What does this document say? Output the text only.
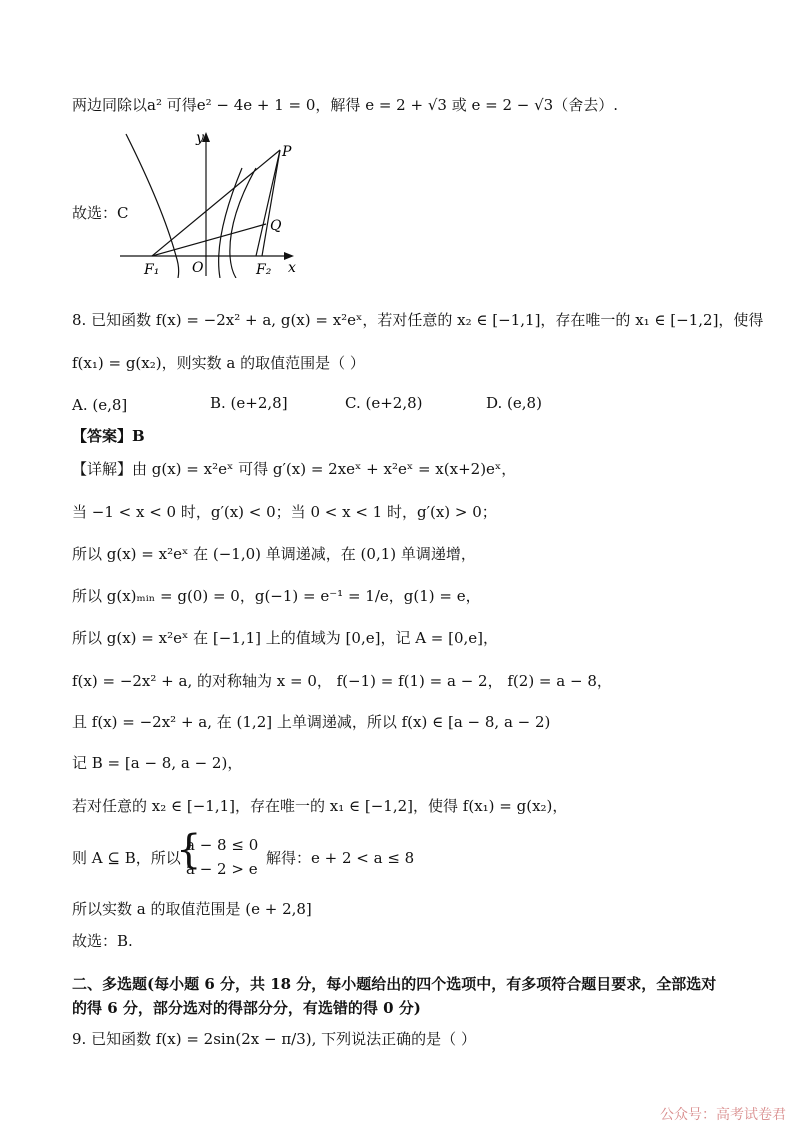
两边同除以a² 可得e² − 4e + 1 = 0，解得 e = 2 + √3 或 e = 2 − √3（舍去）.
y
P
Q
F₁ O	F₂ x
故选：C
8. 已知函数 f(x) = −2x² + a, g(x) = x²eˣ，若对任意的 x₂ ∈ [−1,1]，存在唯一的 x₁ ∈ [−1,2]，使得
f(x₁) = g(x₂)，则实数 a 的取值范围是（ ）
A. (e,8]	B. (e+2,8]	C. (e+2,8)	D. (e,8)
【答案】B
【详解】由 g(x) = x²eˣ 可得 g′(x) = 2xeˣ + x²eˣ = x(x+2)eˣ，
当 −1 < x < 0 时，g′(x) < 0；当 0 < x < 1 时，g′(x) > 0；
所以 g(x) = x²eˣ 在 (−1,0) 单调递减，在 (0,1) 单调递增，
所以 g(x)ₘᵢₙ = g(0) = 0，g(−1) = e⁻¹ = 1/e，g(1) = e，
所以 g(x) = x²eˣ 在 [−1,1] 上的值域为 [0,e]，记 A = [0,e]，
f(x) = −2x² + a, 的对称轴为 x = 0， f(−1) = f(1) = a − 2， f(2) = a − 8，
且 f(x) = −2x² + a, 在 (1,2] 上单调递减，所以 f(x) ∈ [a − 8, a − 2)
记 B = [a − 8, a − 2)，
若对任意的 x₂ ∈ [−1,1]，存在唯一的 x₁ ∈ [−1,2]，使得 f(x₁) = g(x₂)，
则 A ⊆ B，所以
{
a − 8 ≤ 0
a − 2 > e
解得：e + 2 < a ≤ 8
所以实数 a 的取值范围是 (e + 2,8]
故选：B.
二、多选题(每小题 6 分，共 18 分，每小题给出的四个选项中，有多项符合题目要求，全部选对的得 6 分，部分选对的得部分分，有选错的得 0 分)
9. 已知函数 f(x) = 2sin(2x − π/3), 下列说法正确的是（ ）
公众号：高考试卷君
